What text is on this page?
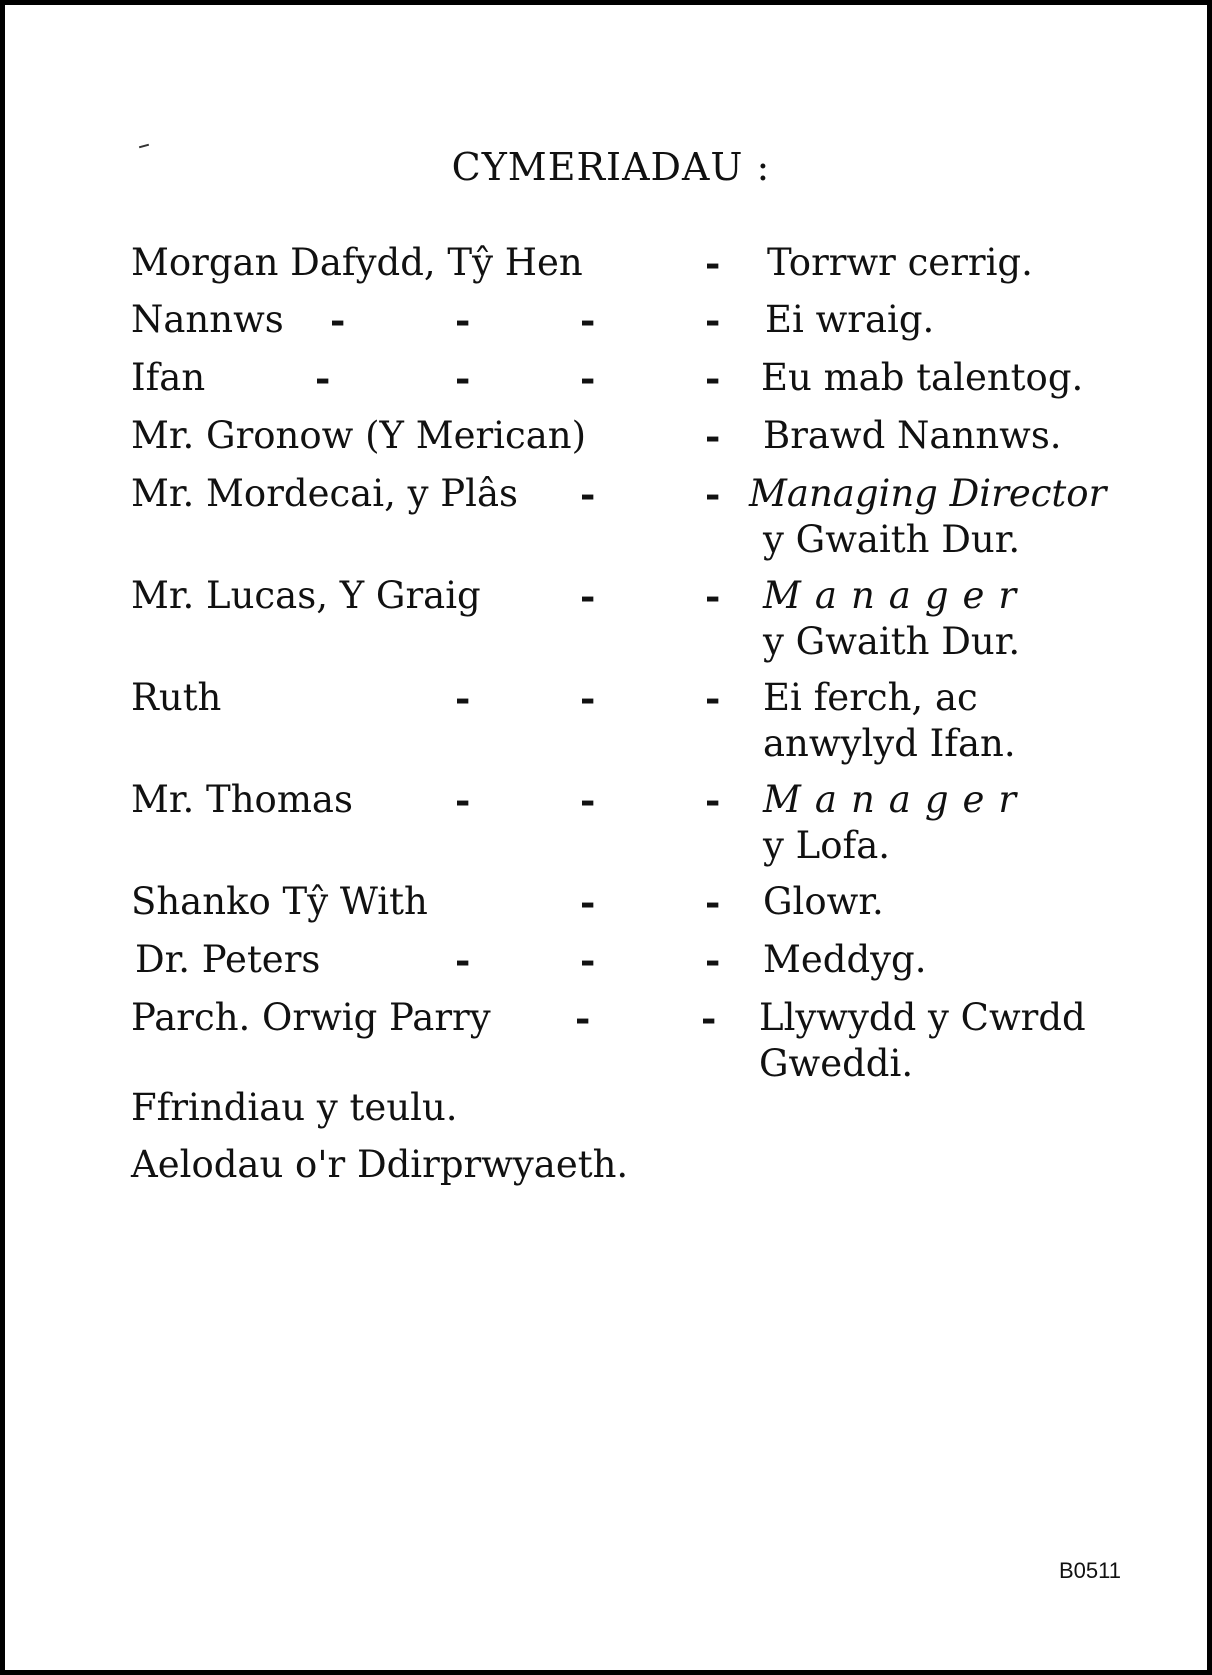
CYMERIADAU :
Morgan Dafydd, Tŷ Hen	- Torrwr cerrig.
Nannws -	-	-	- Ei wraig.
Ifan	-	-	-	- Eu mab talentog.
Mr. Gronow (Y Merican)	- Brawd Nannws.
Mr. Mordecai, y Plâs -	- Managing Director
y Gwaith Dur.
Mr. Lucas, Y Graig	-	- Manager
y Gwaith Dur.
Ruth	-	-	- Ei ferch, ac
anwylyd Ifan.
Mr. Thomas	-	-	- Manager
y Lofa.
Shanko Tŷ With	-	- Glowr.
Dr. Peters	-	-	- Meddyg.
Parch. Orwig Parry -	- Llywydd y Cwrdd
Gweddi.
Ffrindiau y teulu.
Aelodau o'r Ddirprwyaeth.
B0511
